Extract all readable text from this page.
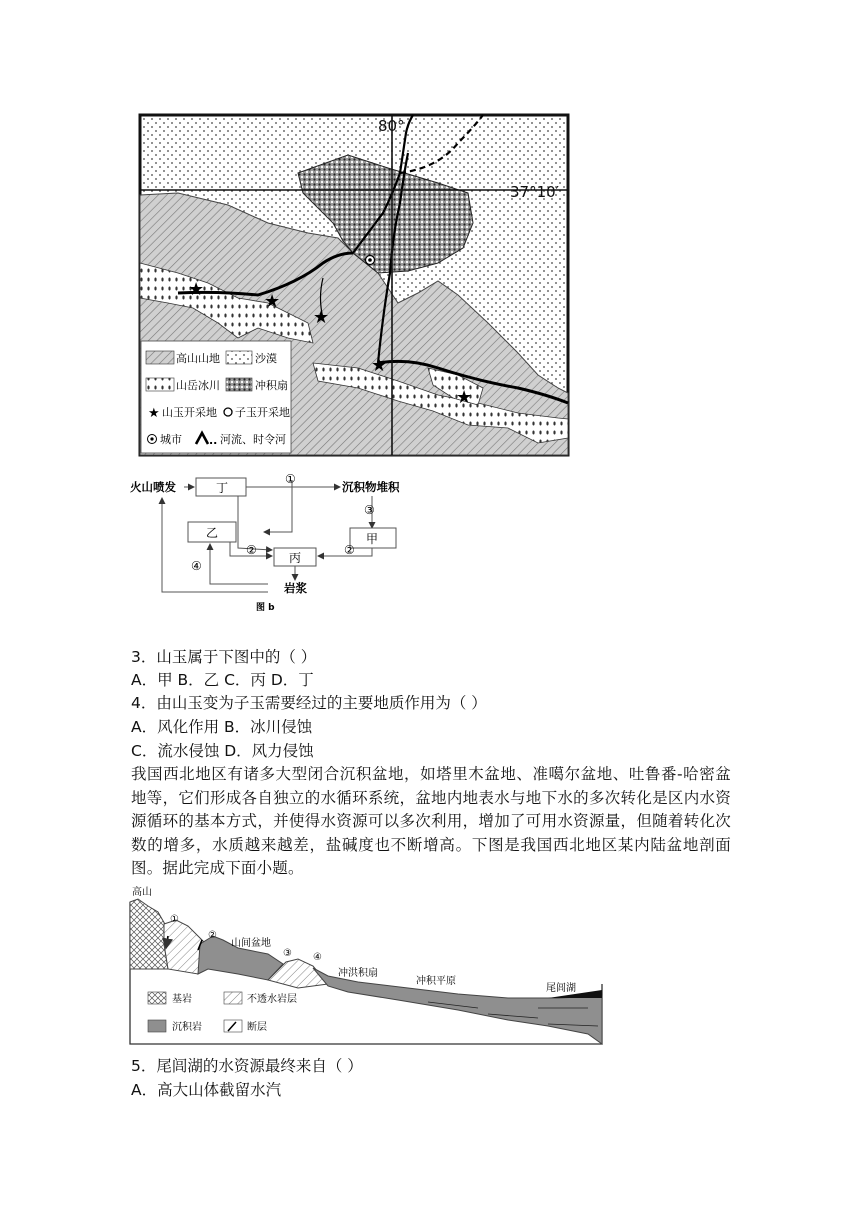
80°
37°10′
★
★
★
★
★
高山山地	沙漠
山岳冰川	冲积扇
★ 山玉开采地 子玉开采地
城市 .. 河流、时令河
火山喷发	沉积物堆积
丁
乙
丙
甲
①
②	②
③
④
岩浆
图 b
3．山玉属于下图中的（ ）
A．甲 B．乙 C．丙 D．丁
4．由山玉变为子玉需要经过的主要地质作用为（ ）
A．风化作用 B．冰川侵蚀
C．流水侵蚀 D．风力侵蚀
我国西北地区有诸多大型闭合沉积盆地，如塔里木盆地、准噶尔盆地、吐鲁番-哈密盆地等，它们形成各自独立的水循环系统，盆地内地表水与地下水的多次转化是区内水资源循环的基本方式，并使得水资源可以多次利用，增加了可用水资源量，但随着转化次数的增多，水质越来越差，盐碱度也不断增高。下图是我国西北地区某内陆盆地剖面图。据此完成下面小题。
高山
①
②
山间盆地
③ ④
冲洪积扇
冲积平原
尾闾湖
基岩	不透水岩层
沉积岩	断层
5．尾闾湖的水资源最终来自（ ）
A．高大山体截留水汽
